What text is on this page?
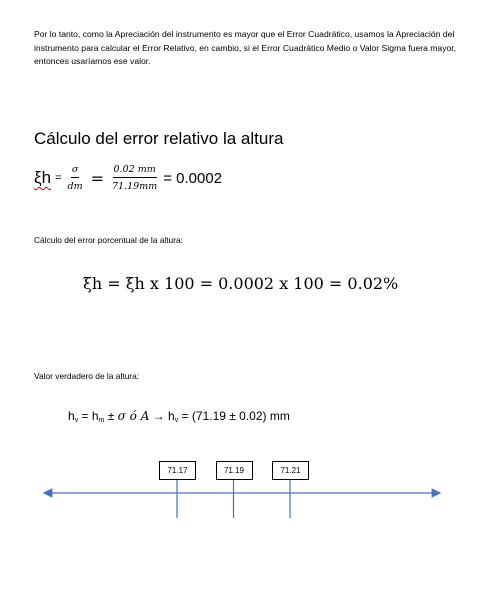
Por lo tanto, como la Apreciación del instrumento es mayor que el Error Cuadrático, usamos la Apreciación del instrumento para calcular el Error Relativo, en cambio, si el Error Cuadrático Medio o Valor Sigma fuera mayor, entonces usaríamos ese valor.
Cálculo del error relativo la altura
$\xi h = \frac{\sigma}{dm} = \frac{0.02 mm}{71.19mm} = 0.0002$
Cálculo del error porcentual de la altura:
ξh = ξh x 100 = 0.0002 x 100 = 0.02%
Valor verdadero de la altura:
$h_v = h_m \pm \sigma$ ó $A \to h_v = (71.19 \pm 0.02)$ mm
71.17	71.19	71.21
